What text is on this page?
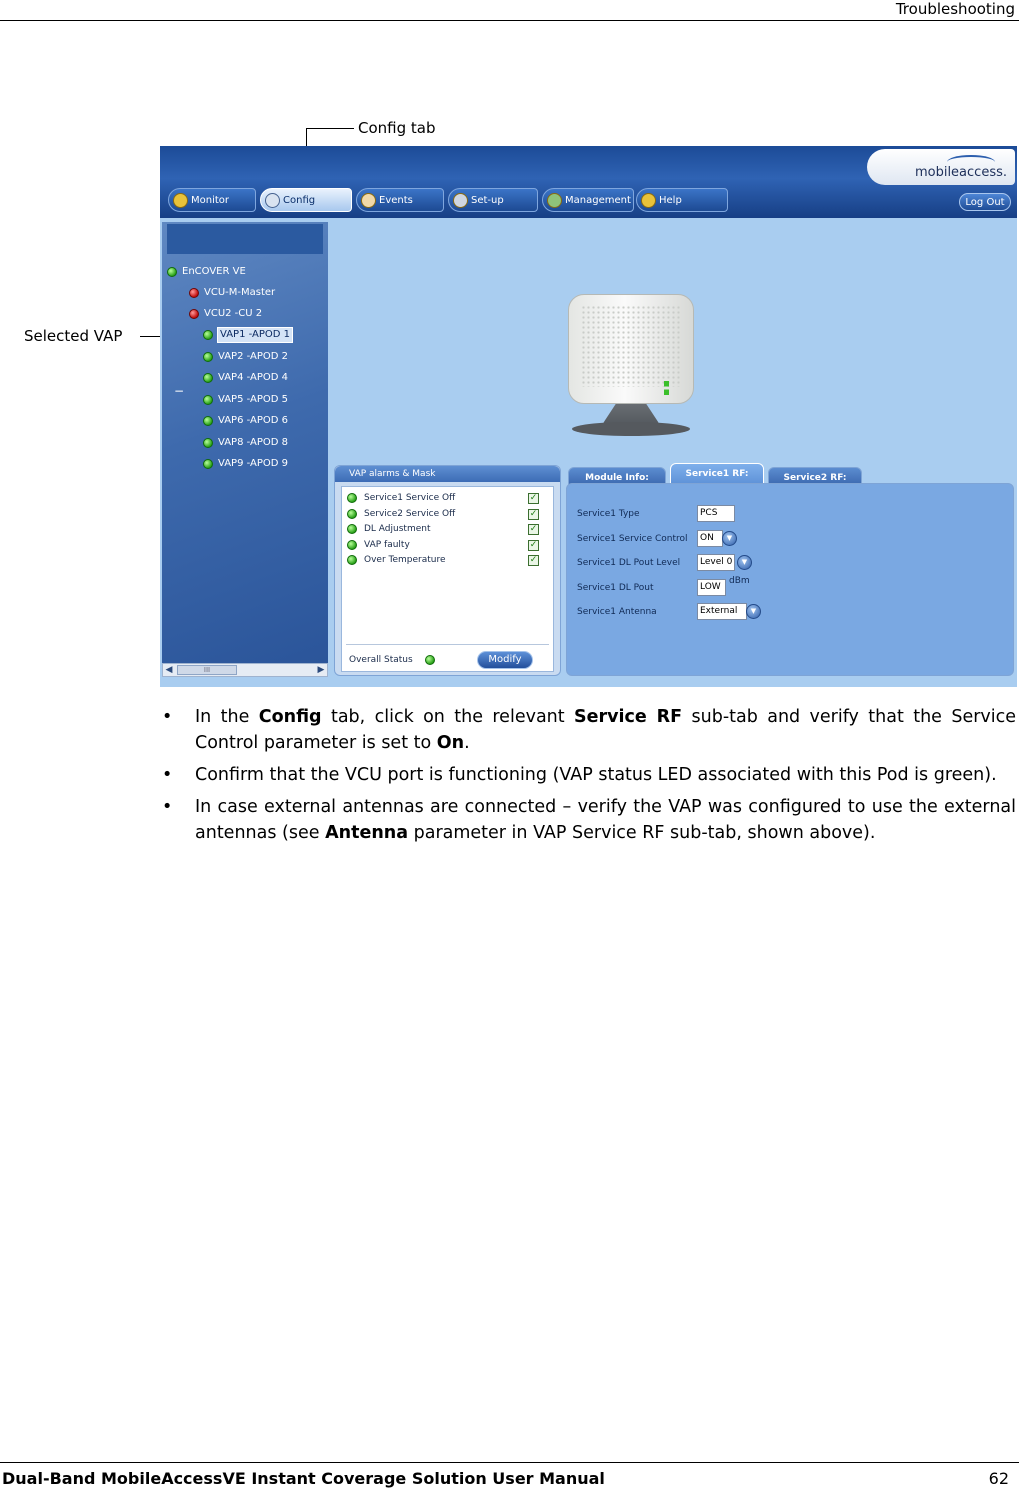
Troubleshooting
Config tab
Selected VAP
mobileaccess.
Monitor	Config	Events	Set-up	Management	Help	Log Out
EnCOVER VE
VCU-M-Master
−
VCU2 -CU 2
VAP1 -APOD 1
VAP2 -APOD 2
VAP4 -APOD 4
VAP5 -APOD 5
VAP6 -APOD 6
VAP8 -APOD 8
VAP9 -APOD 9
◀	III	▶
VAP alarms & Mask
Service1 Service Off	✓
Service2 Service Off	✓
DL Adjustment	✓
VAP faulty	✓
Over Temperature	✓
Overall Status	Modify
Module Info:	Service1 RF:	Service2 RF:
Service1 Type	PCS
Service1 Service Control	ON	▼
Service1 DL Pout Level	Level 0	▼
Service1 DL Pout	LOW
dBm
Service1 Antenna	External	▼
• In the Config tab, click on the relevant Service RF sub-tab and verify that the Service Control parameter is set to On.
• Confirm that the VCU port is functioning (VAP status LED associated with this Pod is green).
• In case external antennas are connected – verify the VAP was configured to use the external antennas (see Antenna parameter in VAP Service RF sub-tab, shown above).
Dual-Band MobileAccessVE Instant Coverage Solution User Manual	62
